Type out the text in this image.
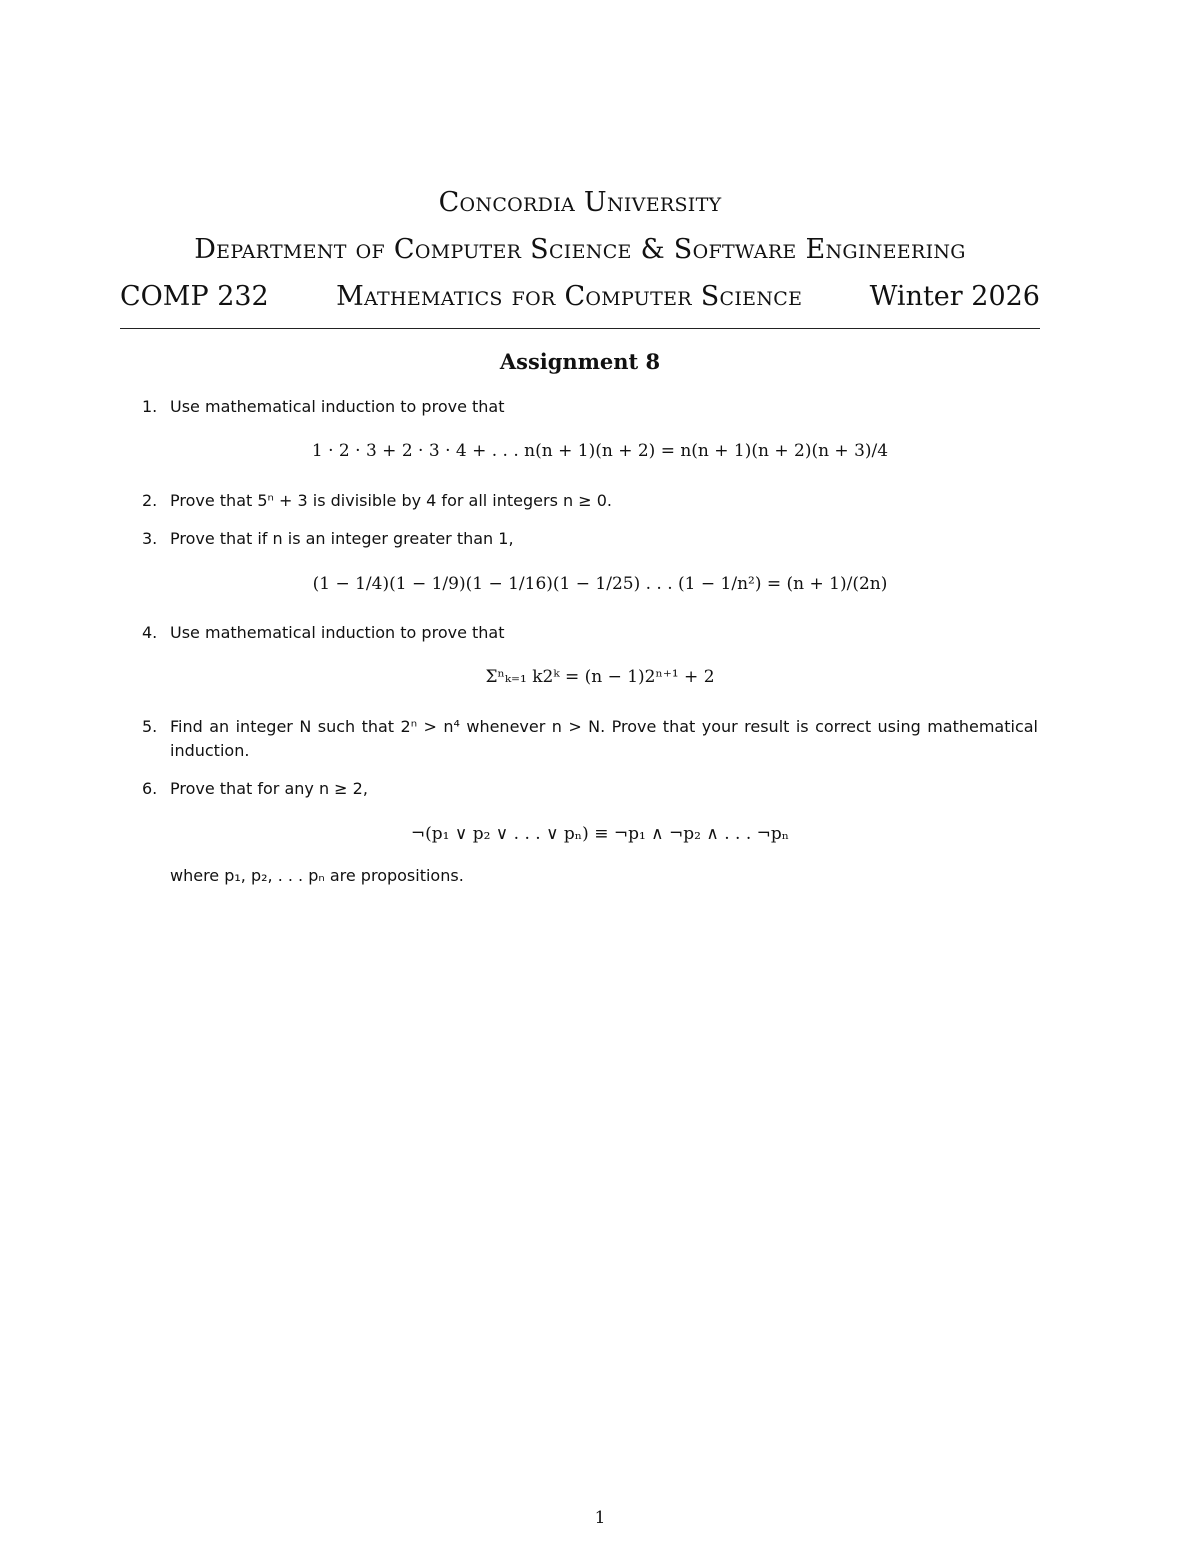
Concordia University
Department of Computer Science & Software Engineering
COMP 232 Mathematics for Computer Science Winter 2026
Assignment 8
1. Use mathematical induction to prove that
1 · 2 · 3 + 2 · 3 · 4 + . . . n(n + 1)(n + 2) = n(n + 1)(n + 2)(n + 3)/4
2. Prove that 5ⁿ + 3 is divisible by 4 for all integers n ≥ 0.
3. Prove that if n is an integer greater than 1,
(1 − 1/4)(1 − 1/9)(1 − 1/16)(1 − 1/25) . . . (1 − 1/n²) = (n + 1)/(2n)
4. Use mathematical induction to prove that
Σⁿₖ₌₁ k2ᵏ = (n − 1)2ⁿ⁺¹ + 2
5. Find an integer N such that 2ⁿ > n⁴ whenever n > N. Prove that your result is correct using mathematical induction.
6. Prove that for any n ≥ 2,
¬(p₁ ∨ p₂ ∨ . . . ∨ pₙ) ≡ ¬p₁ ∧ ¬p₂ ∧ . . . ¬pₙ
where p₁, p₂, . . . pₙ are propositions.
1
